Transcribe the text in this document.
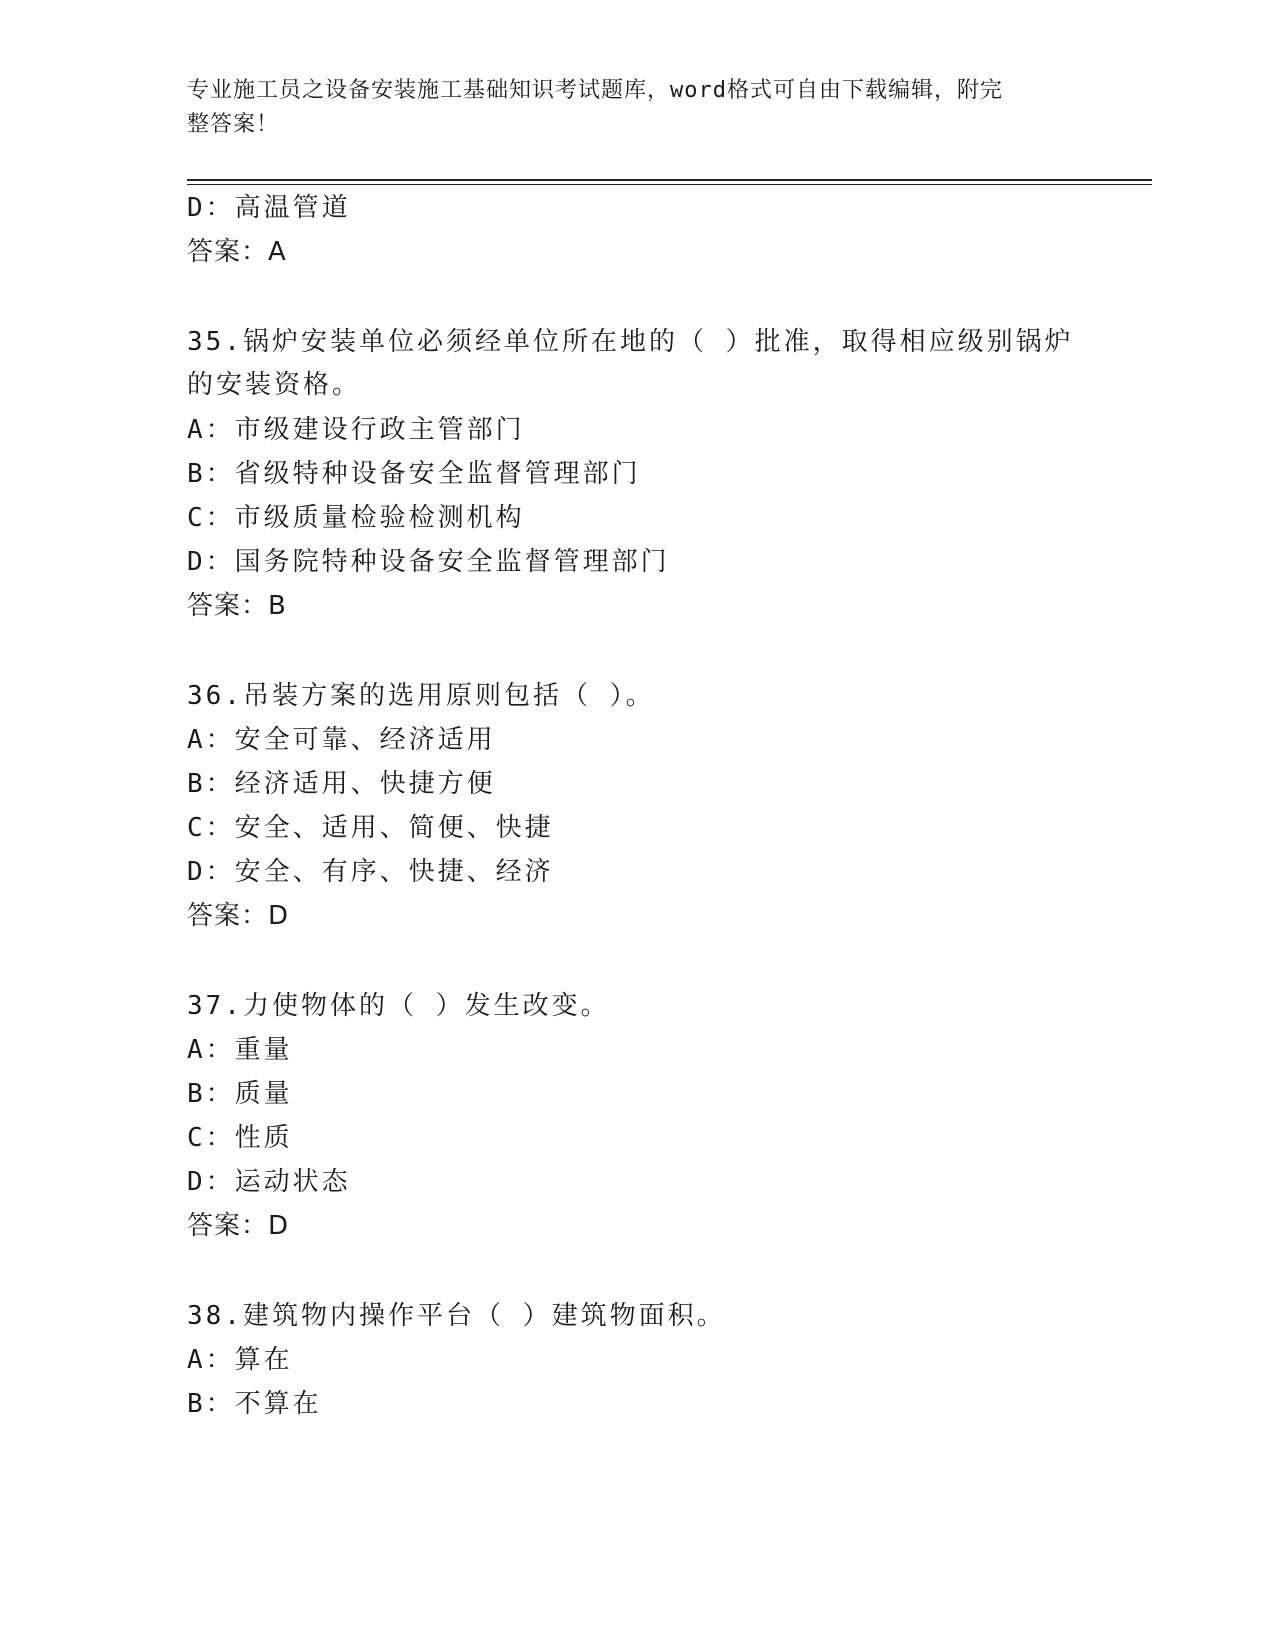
专业施工员之设备安装施工基础知识考试题库，word格式可自由下载编辑，附完
整答案！
D：高温管道
答案：A
35.锅炉安装单位必须经单位所在地的（ ）批准，取得相应级别锅炉
的安装资格。
A：市级建设行政主管部门
B：省级特种设备安全监督管理部门
C：市级质量检验检测机构
D：国务院特种设备安全监督管理部门
答案：B
36.吊装方案的选用原则包括（ ）。
A：安全可靠、经济适用
B：经济适用、快捷方便
C：安全、适用、简便、快捷
D：安全、有序、快捷、经济
答案：D
37.力使物体的（ ）发生改变。
A：重量
B：质量
C：性质
D：运动状态
答案：D
38.建筑物内操作平台（ ）建筑物面积。
A：算在
B：不算在
